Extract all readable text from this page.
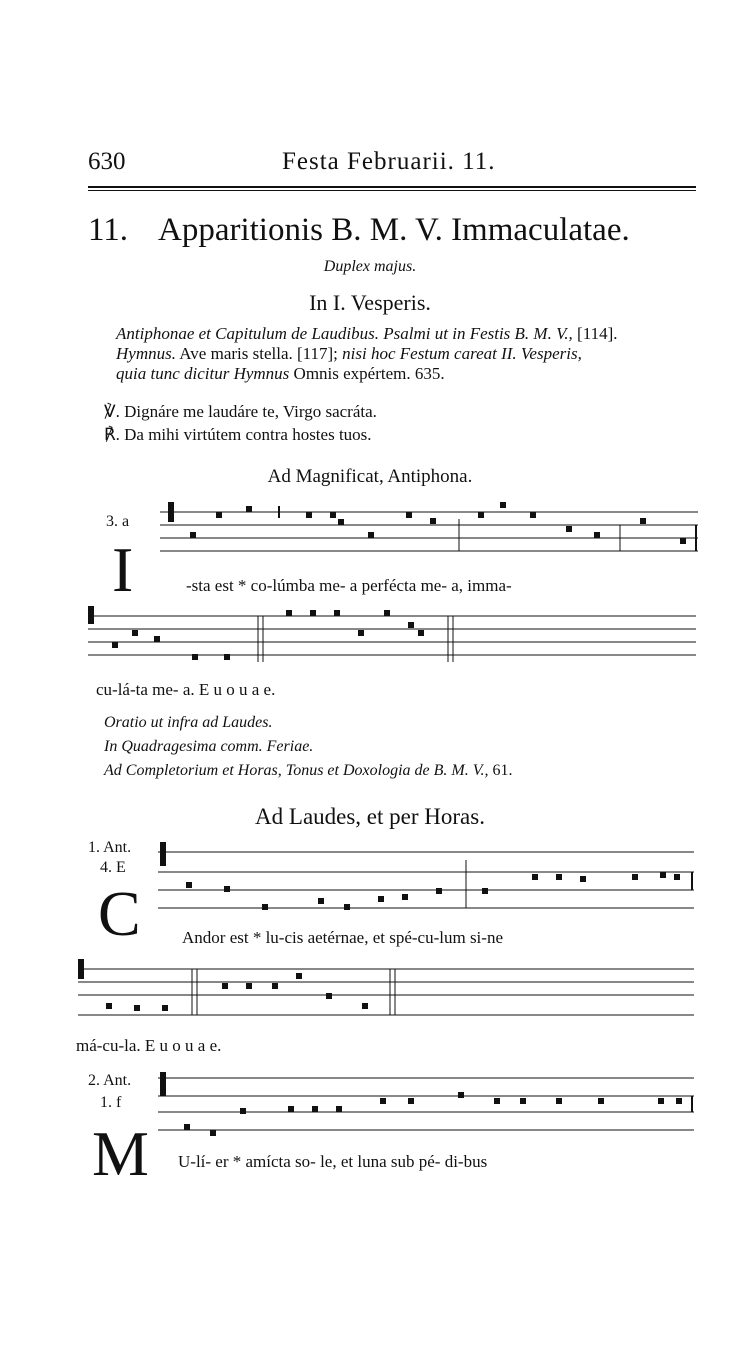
630	Festa Februarii. 11.
11. Apparitionis B. M. V. Immaculatae.
Duplex majus.
In I. Vesperis.
Antiphonae et Capitulum de Laudibus. Psalmi ut in Festis B. M. V., [114].
Hymnus. Ave maris stella. [117]; nisi hoc Festum careat II. Vesperis,
quia tunc dicitur Hymnus Omnis expértem. 635.
℣. Dignáre me laudáre te, Virgo sacráta.
℟. Da mihi virtútem contra hostes tuos.
Ad Magnificat, Antiphona.
3. a
I	-sta est * co-lúmba me- a perfécta me- a, imma-
cu-lá-ta me- a. E u o u a e.
Oratio ut infra ad Laudes.
In Quadragesima comm. Feriae.
Ad Completorium et Horas, Tonus et Doxologia de B. M. V., 61.
Ad Laudes, et per Horas.
1. Ant.
4. E
C Andor est * lu-cis aetérnae, et spé-cu-lum si-ne
má-cu-la. E u o u a e.
2. Ant.
1. f
M U-lí- er * amícta so- le, et luna sub pé- di-bus
